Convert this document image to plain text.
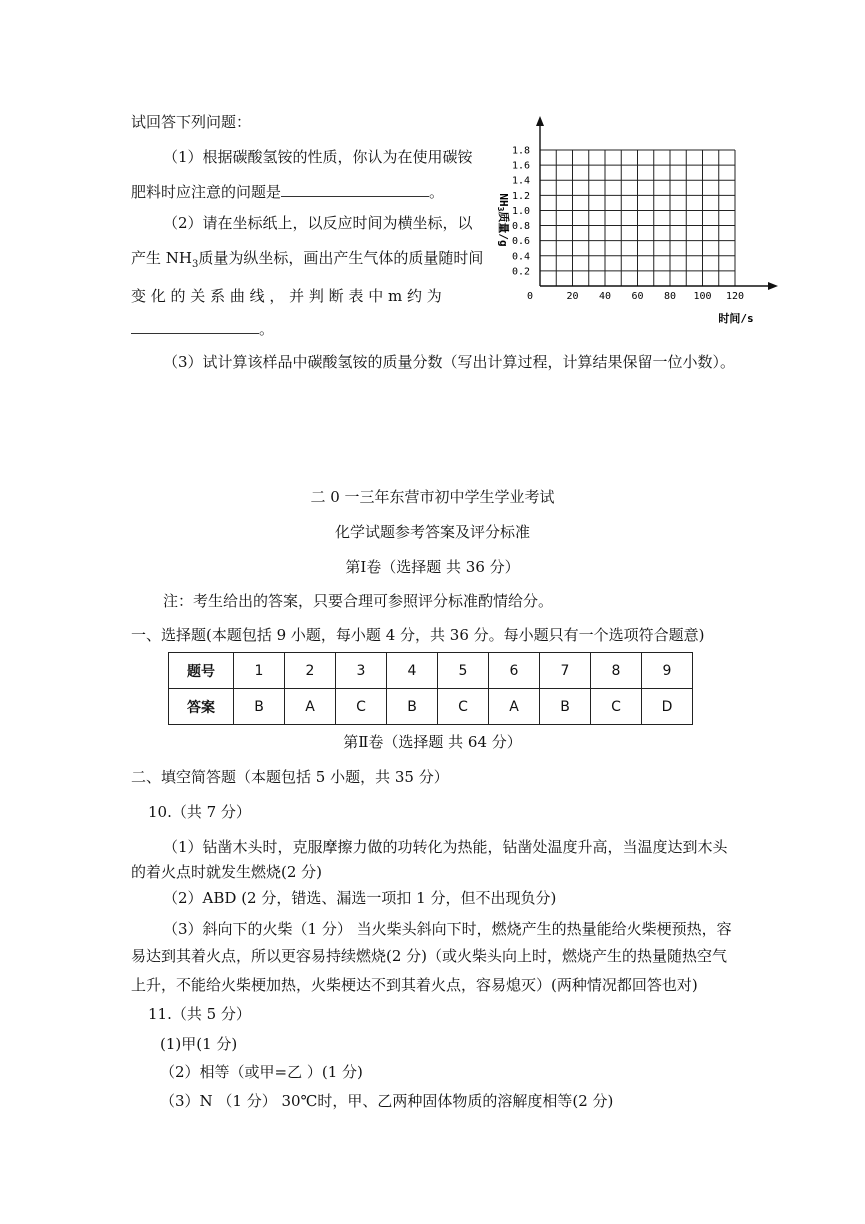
试回答下列问题：
（1）根据碳酸氢铵的性质，你认为在使用碳铵
肥料时应注意的问题是	。
（2）请在坐标纸上，以反应时间为横坐标，以
产生 $NH_3$质量为纵坐标，画出产生气体的质量随时间
变 化 的 关 系 曲 线 ， 并 判 断 表 中 m 约 为
。
（3）试计算该样品中碳酸氢铵的质量分数（写出计算过程，计算结果保留一位小数）。
0	20 40 60 80 100 120
0.2
0.4
0.6
0.8
1.0
1.2
1.4
1.6
1.8
NH3质量/g
时间/s
二 0 一三年东营市初中学生学业考试
化学试题参考答案及评分标准
第Ⅰ卷（选择题 共 36 分）
注：考生给出的答案，只要合理可参照评分标准酌情给分。
一、选择题(本题包括 9 小题，每小题 4 分，共 36 分。每小题只有一个选项符合题意)
题号	1	2	3	4	5	6	7	8	9
答案	B	A	C	B	C	A	B	C	D
第Ⅱ卷（选择题 共 64 分）
二、填空简答题（本题包括 5 小题，共 35 分）
10.（共 7 分）
（1）钻凿木头时，克服摩擦力做的功转化为热能，钻凿处温度升高，当温度达到木头
的着火点时就发生燃烧(2 分)
（2）ABD (2 分，错选、漏选一项扣 1 分，但不出现负分)
（3）斜向下的火柴（1 分） 当火柴头斜向下时，燃烧产生的热量能给火柴梗预热，容
易达到其着火点，所以更容易持续燃烧(2 分)（或火柴头向上时，燃烧产生的热量随热空气
上升，不能给火柴梗加热，火柴梗达不到其着火点，容易熄灭）(两种情况都回答也对)
11.（共 5 分）
(1)甲(1 分)
（2）相等（或甲=乙 ）(1 分)
（3）N （1 分） 30℃时，甲、乙两种固体物质的溶解度相等(2 分)
